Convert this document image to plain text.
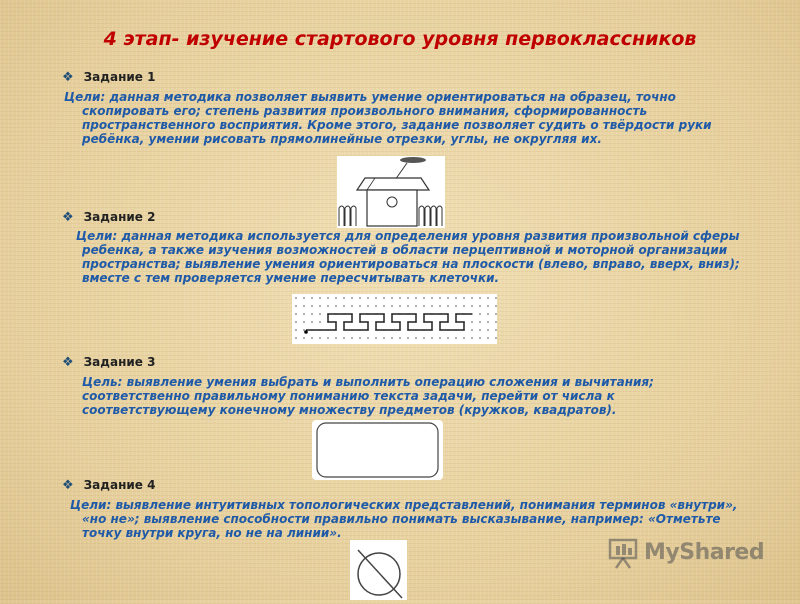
4 этап- изучение стартового уровня первоклассников
❖ Задание 1
Цели: данная методика позволяет выявить умение ориентироваться на образец, точно
скопировать его; степень развития произвольного внимания, сформированность
пространственного восприятия. Кроме этого, задание позволяет судить о твёрдости руки
ребёнка, умении рисовать прямолинейные отрезки, углы, не округляя их.
❖ Задание 2
Цели: данная методика используется для определения уровня развития произвольной сферы
ребенка, а также изучения возможностей в области перцептивной и моторной организации
пространства; выявление умения ориентироваться на плоскости (влево, вправо, вверх, вниз);
вместе с тем проверяется умение пересчитывать клеточки.
❖ Задание 3
Цель: выявление умения выбрать и выполнить операцию сложения и вычитания;
соответственно правильному пониманию текста задачи, перейти от числа к
соответствующему конечному множеству предметов (кружков, квадратов).
❖ Задание 4
Цели: выявление интуитивных топологических представлений, понимания терминов «внутри»,
«но не»; выявление способности правильно понимать высказывание, например: «Отметьте
точку внутри круга, но не на линии».
MyShared
